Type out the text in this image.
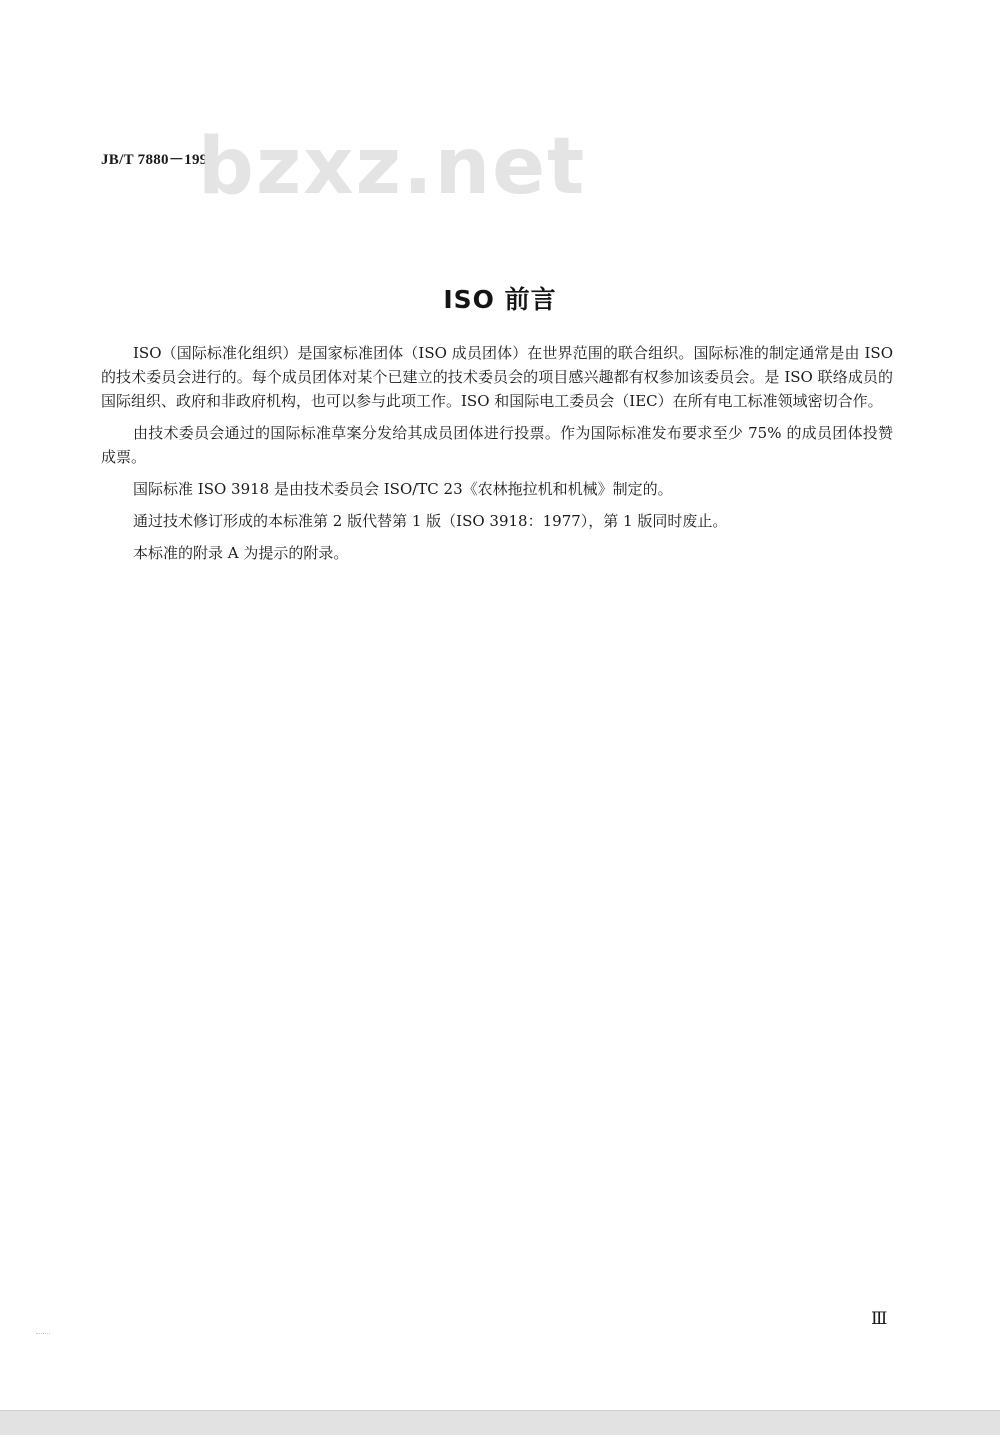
JB/T 7880－1999
bzxz.net
ISO 前言

ISO（国际标准化组织）是国家标准团体（ISO 成员团体）在世界范围的联合组织。国际标准的制定通常是由 ISO 的技术委员会进行的。每个成员团体对某个已建立的技术委员会的项目感兴趣都有权参加该委员会。是 ISO 联络成员的国际组织、政府和非政府机构，也可以参与此项工作。ISO 和国际电工委员会（IEC）在所有电工标准领域密切合作。

由技术委员会通过的国际标准草案分发给其成员团体进行投票。作为国际标准发布要求至少 75% 的成员团体投赞成票。

国际标准 ISO 3918 是由技术委员会 ISO/TC 23《农林拖拉机和机械》制定的。

通过技术修订形成的本标准第 2 版代替第 1 版（ISO 3918：1977），第 1 版同时废止。

本标准的附录 A 为提示的附录。

Ⅲ
